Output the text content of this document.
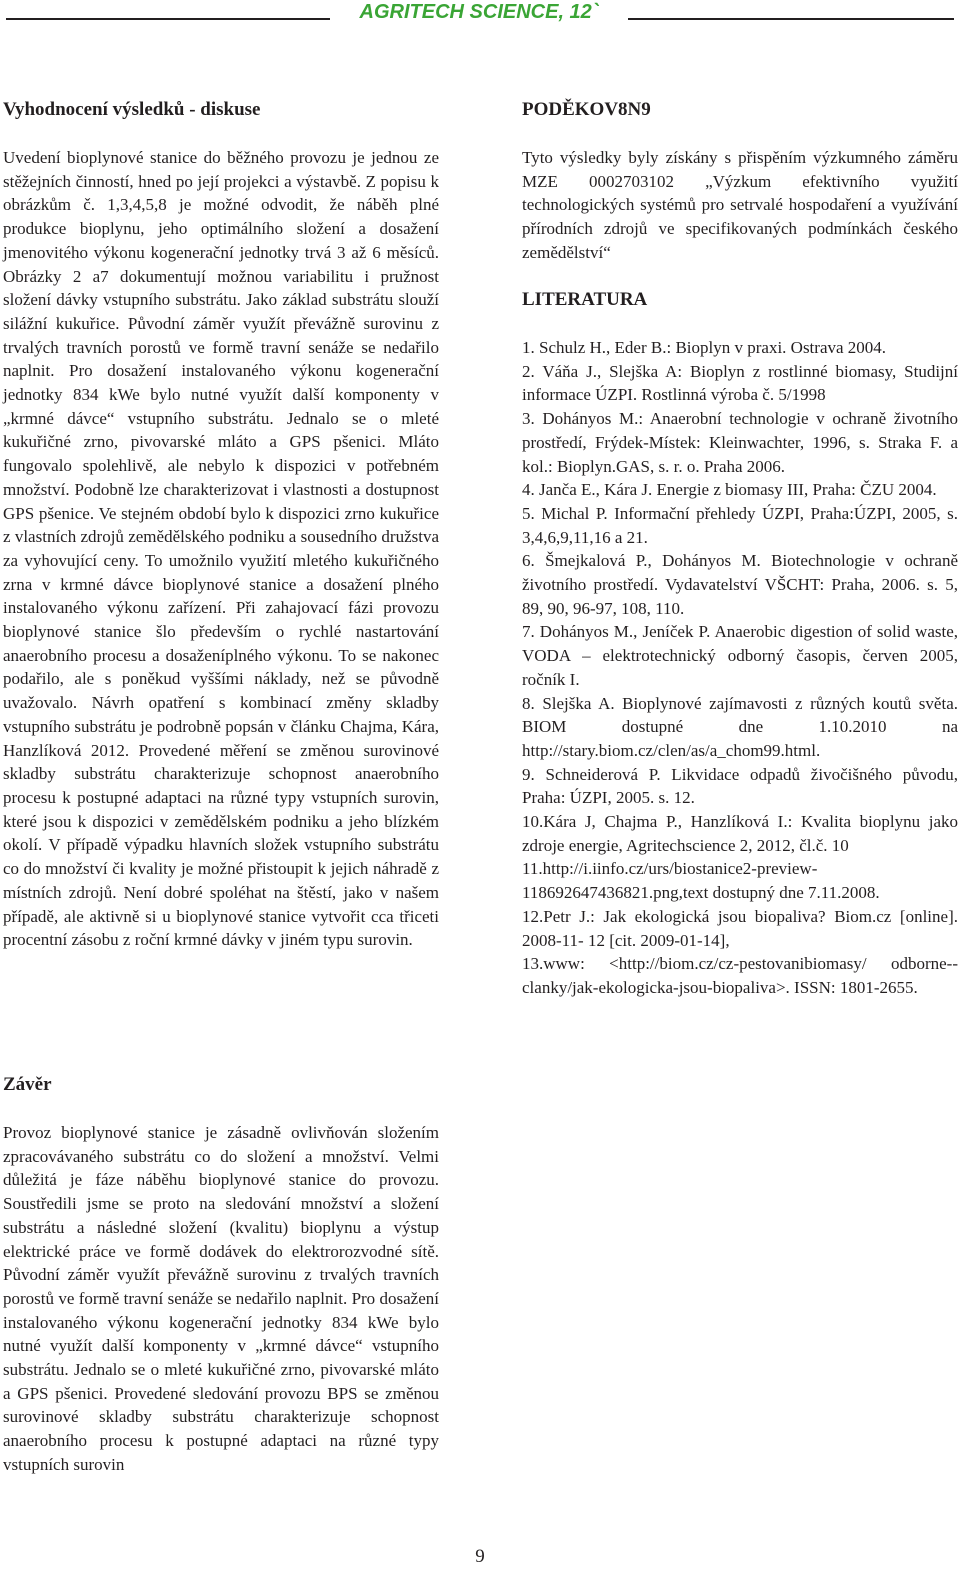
AGRITECH SCIENCE, 12`
Vyhodnocení výsledků - diskuse

Uvedení bioplynové stanice do běžného provozu je jednou ze stěžejních činností, hned po její projekci a výstavbě. Z popisu k obrázkům č. 1,3,4,5,8 je možné odvodit, že náběh plné produkce bioplynu, jeho optimálního složení a dosažení jmenovitého výkonu kogenerační jednotky trvá 3 až 6 měsíců. Obrázky 2 a7 dokumentují možnou variabilitu i pružnost složení dávky vstupního substrátu. Jako základ substrátu slouží silážní kukuřice. Původní záměr využít převážně surovinu z trvalých travních porostů ve formě travní senáže se nedařilo naplnit. Pro dosažení instalovaného výkonu kogenerační jednotky 834 kWe bylo nutné využít další komponenty v „krmné dávce“ vstupního substrátu. Jednalo se o mleté kukuřičné zrno, pivovarské mláto a GPS pšenici. Mláto fungovalo spolehlivě, ale nebylo k dispozici v potřebném množství. Podobně lze charakterizovat i vlastnosti a dostupnost GPS pšenice. Ve stejném období bylo k dispozici zrno kukuřice z vlastních zdrojů zemědělského podniku a sousedního družstva za vyhovující ceny. To umožnilo využití mletého kukuřičného zrna v krmné dávce bioplynové stanice a dosažení plného instalovaného výkonu zařízení. Při zahajovací fázi provozu bioplynové stanice šlo především o rychlé nastartování anaerobního procesu a dosaženíplného výkonu. To se nakonec podařilo, ale s poněkud vyššími náklady, než se původně uvažovalo. Návrh opatření s kombinací změny skladby vstupního substrátu je podrobně popsán v článku Chajma, Kára, Hanzlíková 2012. Provedené měření se změnou surovinové skladby substrátu charakterizuje schopnost anaerobního procesu k postupné adaptaci na různé typy vstupních surovin, které jsou k dispozici v zemědělském podniku a jeho blízkém okolí. V případě výpadku hlavních složek vstupního substrátu co do množství či kvality je možné přistoupit k jejich náhradě z místních zdrojů. Není dobré spoléhat na štěstí, jako v našem případě, ale aktivně si u bioplynové stanice vytvořit cca třiceti procentní zásobu z roční krmné dávky v jiném typu surovin.

Závěr

Provoz bioplynové stanice je zásadně ovlivňován složením zpracovávaného substrátu co do složení a množství. Velmi důležitá je fáze náběhu bioplynové stanice do provozu. Soustředili jsme se proto na sledování množství a složení substrátu a následné složení (kvalitu) bioplynu a výstup elektrické práce ve formě dodávek do elektrorozvodné sítě. Původní záměr využít převážně surovinu z trvalých travních porostů ve formě travní senáže se nedařilo naplnit. Pro dosažení instalovaného výkonu kogenerační jednotky 834 kWe bylo nutné využít další komponenty v „krmné dávce“ vstupního substrátu. Jednalo se o mleté kukuřičné zrno, pivovarské mláto a GPS pšenici. Provedené sledování provozu BPS se změnou surovinové skladby substrátu charakterizuje schopnost anaerobního procesu k postupné adaptaci na různé typy vstupních surovin

PODĚKOV8N9

Tyto výsledky byly získány s přispěním výzkumného záměru MZE 0002703102 „Výzkum efektivního využití technologických systémů pro setrvalé hospodaření a využívání přírodních zdrojů ve specifikovaných podmínkách českého zemědělství“

LITERATURA
1. Schulz H., Eder B.: Bioplyn v praxi. Ostrava 2004.
2. Váňa J., Slejška A: Bioplyn z rostlinné biomasy, Studijní informace ÚZPI. Rostlinná výroba č. 5/1998
3. Dohányos M.: Anaerobní technologie v ochraně životního prostředí, Frýdek-Místek: Kleinwachter, 1996, s. Straka F. a kol.: Bioplyn.GAS, s. r. o. Praha 2006.
4. Janča E., Kára J. Energie z biomasy III, Praha: ČZU 2004.
5. Michal P. Informační přehledy ÚZPI, Praha:ÚZPI, 2005, s. 3,4,6,9,11,16 a 21.
6. Šmejkalová P., Dohányos M. Biotechnologie v ochraně životního prostředí. Vydavatelství VŠCHT: Praha, 2006. s. 5, 89, 90, 96-97, 108, 110.
7. Dohányos M., Jeníček P. Anaerobic digestion of solid waste, VODA – elektrotechnický odborný časopis, červen 2005, ročník I.
8. Slejška A. Bioplynové zajímavosti z různých koutů světa. BIOM dostupné dne 1.10.2010 na http://stary.biom.cz/clen/as/a_chom99.html.
9. Schneiderová P. Likvidace odpadů živočišného původu, Praha: ÚZPI, 2005. s. 12.
10.Kára J, Chajma P., Hanzlíková I.: Kvalita bioplynu jako zdroje energie, Agritechscience 2, 2012, čl.č. 10
11.http://i.iinfo.cz/urs/biostanice2-preview-118692647436821.png,text dostupný dne 7.11.2008.
12.Petr J.: Jak ekologická jsou biopaliva? Biom.cz [online]. 2008-11- 12 [cit. 2009-01-14],
13.www: <http://biom.cz/cz-pestovanibiomasy/ odborne--clanky/jak-ekologicka-jsou-biopaliva>. ISSN: 1801-2655.
9
